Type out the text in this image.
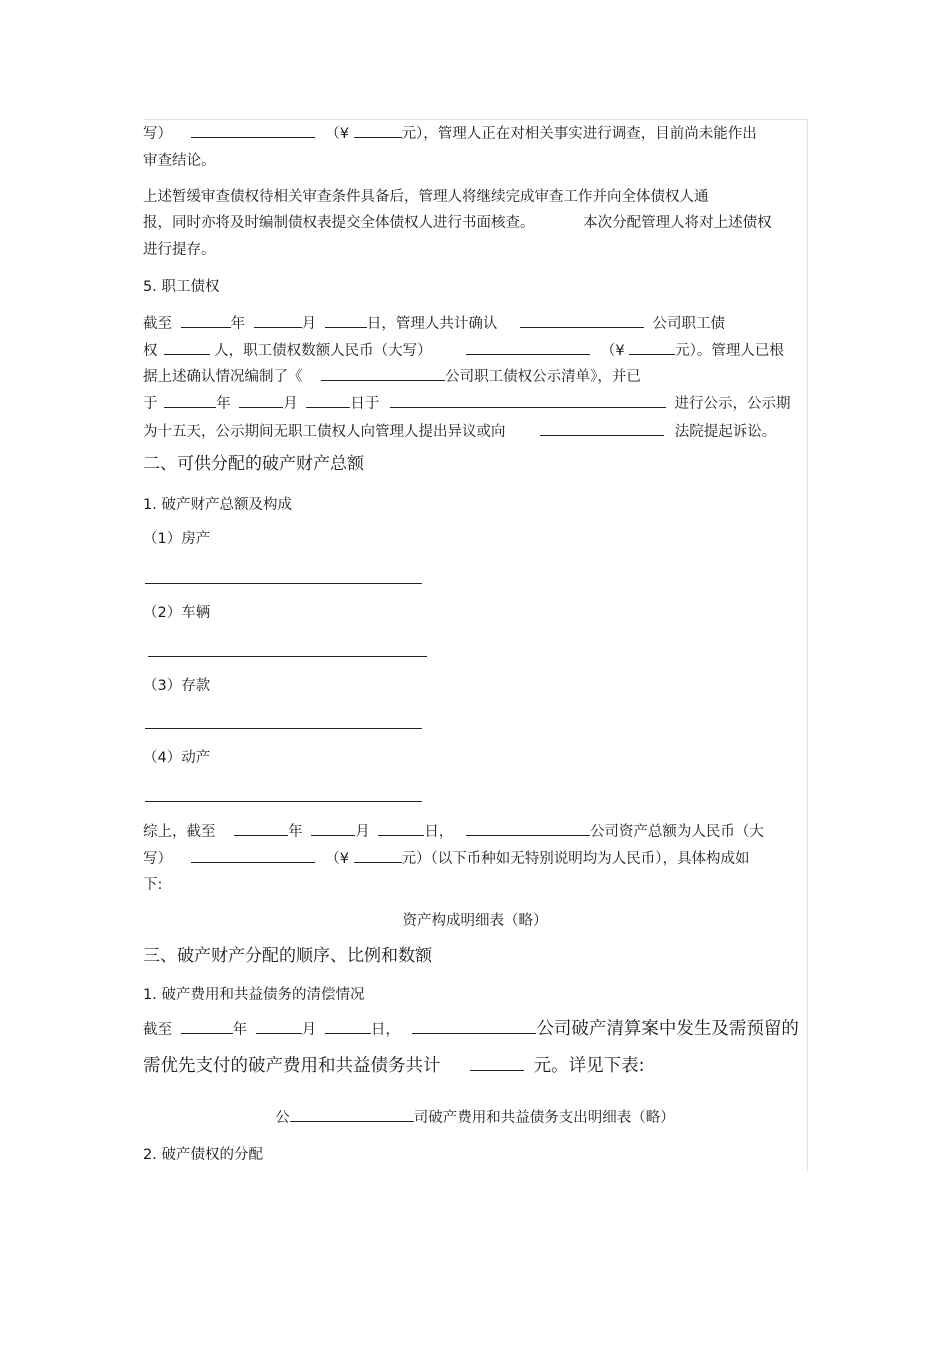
写）	（¥	元），管理人正在对相关事实进行调查，目前尚未能作出
审查结论。
上述暂缓审查债权待相关审查条件具备后，管理人将继续完成审查工作并向全体债权人通
报，同时亦将及时编制债权表提交全体债权人进行书面核查。	本次分配管理人将对上述债权
进行提存。
5. 职工债权
截至	年	月	日，管理人共计确认	公司职工债
权	人，职工债权数额人民币（大写）	（¥	元）。管理人已根
据上述确认情况编制了《	公司职工债权公示清单》，并已
于	年	月	日于	进行公示，公示期
为十五天，公示期间无职工债权人向管理人提出异议或向	法院提起诉讼。
二、可供分配的破产财产总额
1. 破产财产总额及构成
（1）房产
（2）车辆
（3）存款
（4）动产
综上，截至	年	月	日，	公司资产总额为人民币（大
写）	（¥	元）（以下币种如无特别说明均为人民币），具体构成如
下:
资产构成明细表（略）
三、破产财产分配的顺序、比例和数额
1. 破产费用和共益债务的清偿情况
截至	年	月	日，	公司破产清算案中发生及需预留的
需优先支付的破产费用和共益债务共计	元。详见下表:
公	司破产费用和共益债务支出明细表（略）
2. 破产债权的分配
